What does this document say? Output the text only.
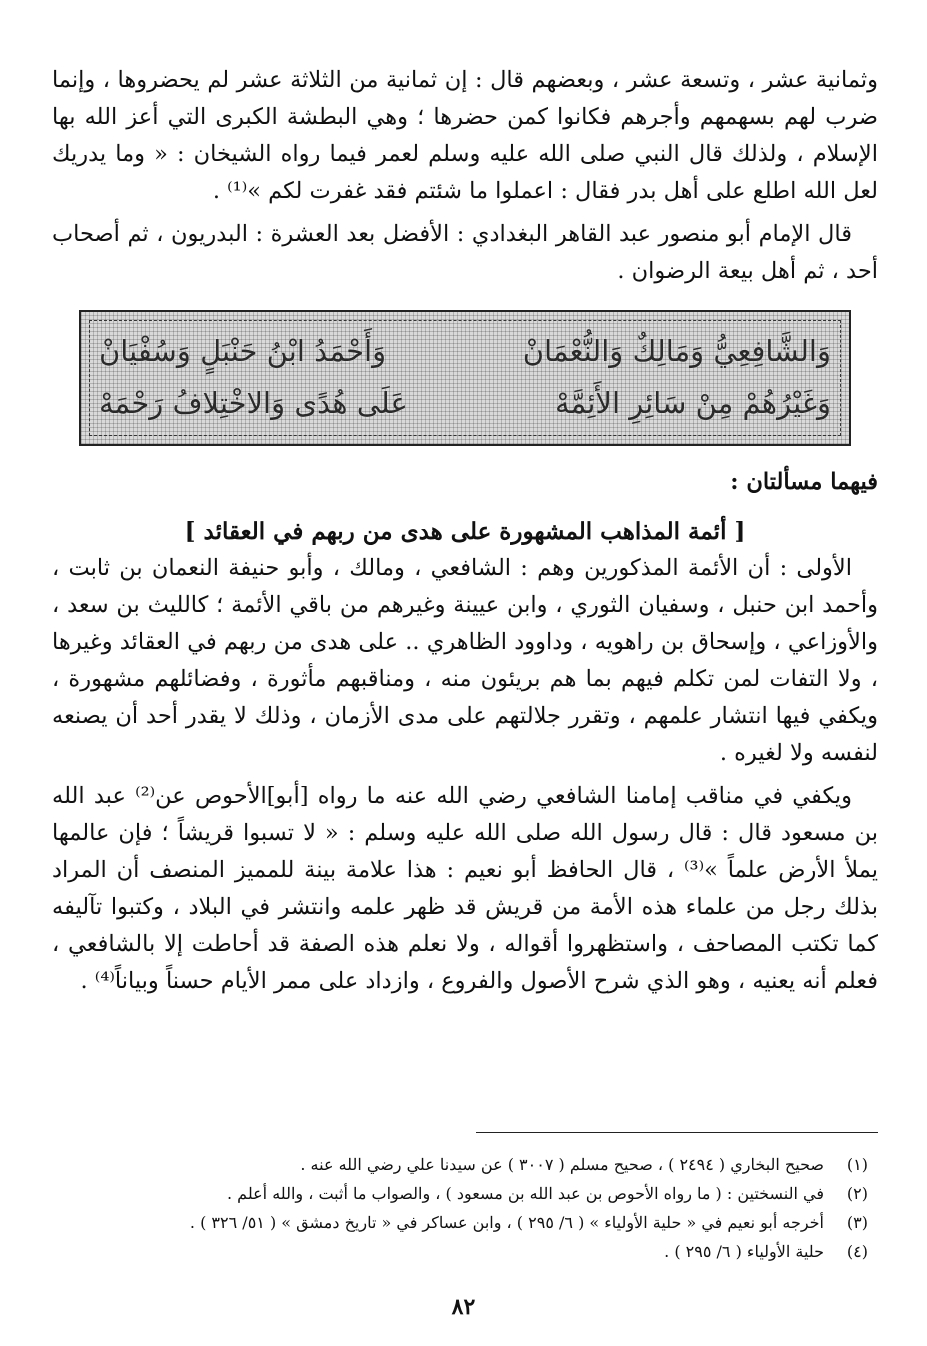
وثمانية عشر ، وتسعة عشر ، وبعضهم قال : إن ثمانية من الثلاثة عشر لم يحضروها ، وإنما ضرب لهم بسهمهم وأجرهم فكانوا كمن حضرها ؛ وهي البطشة الكبرى التي أعز الله بها الإسلام ، ولذلك قال النبي صلى الله عليه وسلم لعمر فيما رواه الشيخان : « وما يدريك لعل الله اطلع على أهل بدر فقال : اعملوا ما شئتم فقد غفرت لكم »⁽¹⁾ .

قال الإمام أبو منصور عبد القاهر البغدادي : الأفضل بعد العشرة : البدريون ، ثم أصحاب أحد ، ثم أهل بيعة الرضوان .

وَالشَّافِعِيُّ وَمَالِكٌ وَالنُّعْمَانْ
وَأَحْمَدُ ابْنُ حَنْبَلٍ وَسُفْيَانْ
وَغَيْرُهُمْ مِنْ سَائِرِ الأَئِمَّهْ
عَلَى هُدًى وَالاخْتِلافُ رَحْمَهْ
فيهما مسألتان :
[ أئمة المذاهب المشهورة على هدى من ربهم في العقائد ]

الأولى : أن الأئمة المذكورين وهم : الشافعي ، ومالك ، وأبو حنيفة النعمان بن ثابت ، وأحمد ابن حنبل ، وسفيان الثوري ، وابن عيينة وغيرهم من باقي الأئمة ؛ كالليث بن سعد ، والأوزاعي ، وإسحاق بن راهويه ، وداوود الظاهري .. على هدى من ربهم في العقائد وغيرها ، ولا التفات لمن تكلم فيهم بما هم بريئون منه ، ومناقبهم مأثورة ، وفضائلهم مشهورة ، ويكفي فيها انتشار علمهم ، وتقرر جلالتهم على مدى الأزمان ، وذلك لا يقدر أحد أن يصنعه لنفسه ولا لغيره .

ويكفي في مناقب إمامنا الشافعي رضي الله عنه ما رواه [أبو]الأحوص عن⁽²⁾ عبد الله بن مسعود قال : قال رسول الله صلى الله عليه وسلم : « لا تسبوا قريشاً ؛ فإن عالمها يملأ الأرض علماً »⁽³⁾ ، قال الحافظ أبو نعيم : هذا علامة بينة للمميز المنصف أن المراد بذلك رجل من علماء هذه الأمة من قريش قد ظهر علمه وانتشر في البلاد ، وكتبوا تآليفه كما تكتب المصاحف ، واستظهروا أقواله ، ولا نعلم هذه الصفة قد أحاطت إلا بالشافعي ، فعلم أنه يعنيه ، وهو الذي شرح الأصول والفروع ، وازداد على ممر الأيام حسناً وبياناً⁽⁴⁾ .

(١)
صحيح البخاري ( ٢٤٩٤ ) ، صحيح مسلم ( ٣٠٠٧ ) عن سيدنا علي رضي الله عنه .
(٢)
في النسختين : ( ما رواه الأحوص بن عبد الله بن مسعود ) ، والصواب ما أثبت ، والله أعلم .
(٣)
أخرجه أبو نعيم في « حلية الأولياء » ( ٦/ ٢٩٥ ) ، وابن عساكر في « تاريخ دمشق » ( ٥١/ ٣٢٦ ) .
(٤)
حلية الأولياء ( ٦/ ٢٩٥ ) .
٨٢
